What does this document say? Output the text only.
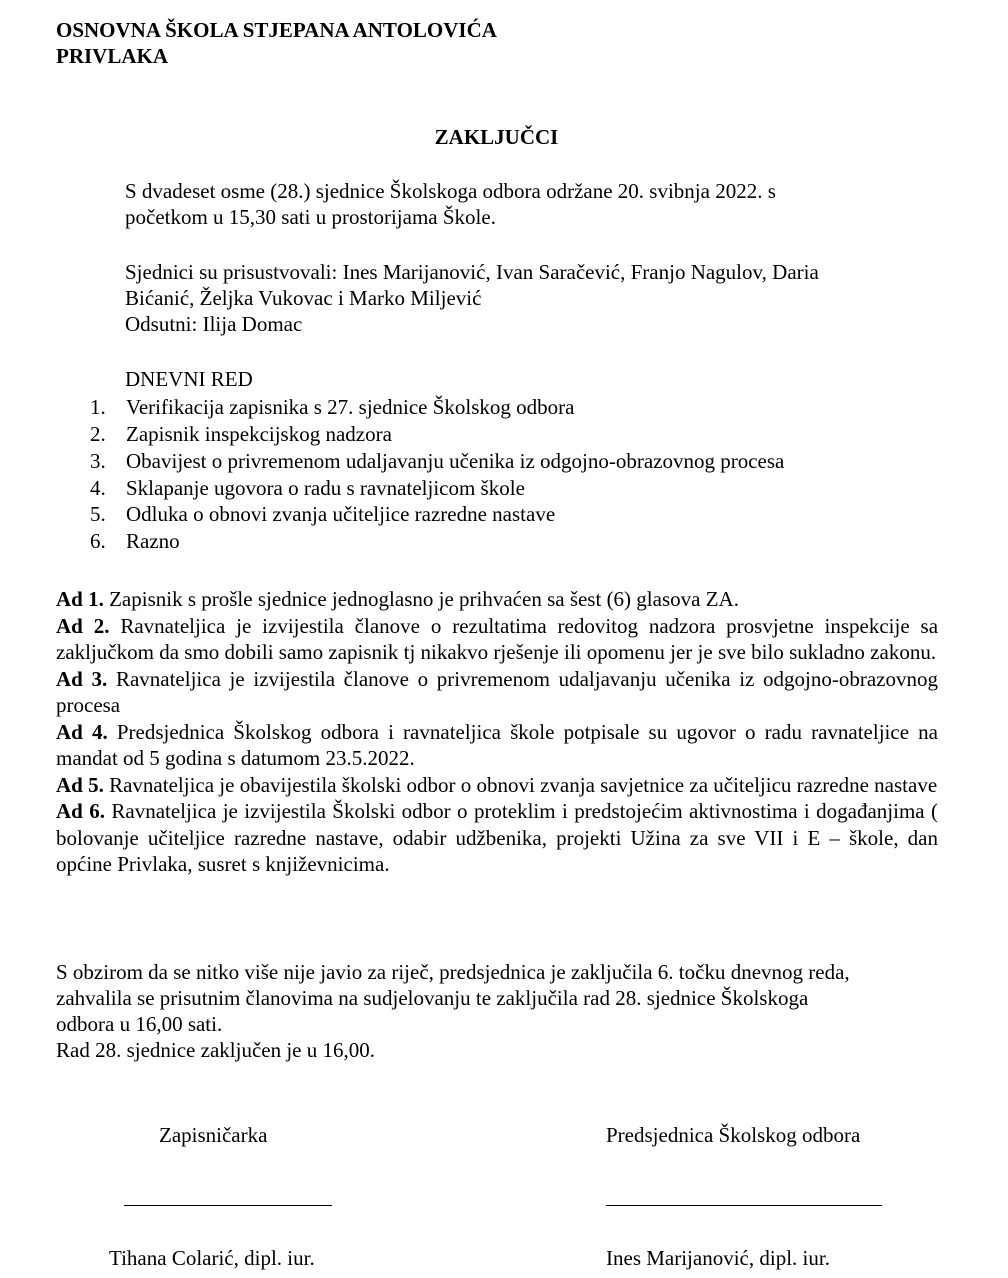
OSNOVNA ŠKOLA STJEPANA ANTOLOVIĆA
PRIVLAKA
ZAKLJUČCI
S dvadeset osme (28.) sjednice Školskoga odbora održane 20. svibnja 2022. s
početkom u 15,30 sati u prostorijama Škole.
Sjednici su prisustvovali: Ines Marijanović, Ivan Saračević, Franjo Nagulov, Daria
Bićanić, Željka Vukovac i Marko Miljević
Odsutni: Ilija Domac
DNEVNI RED
1. Verifikacija zapisnika s 27. sjednice Školskog odbora
2. Zapisnik inspekcijskog nadzora
3. Obavijest o privremenom udaljavanju učenika iz odgojno-obrazovnog procesa
4. Sklapanje ugovora o radu s ravnateljicom škole
5. Odluka o obnovi zvanja učiteljice razredne nastave
6. Razno
Ad 1. Zapisnik s prošle sjednice jednoglasno je prihvaćen sa šest (6) glasova ZA.
Ad 2. Ravnateljica je izvijestila članove o rezultatima redovitog nadzora prosvjetne inspekcije sa zaključkom da smo dobili samo zapisnik tj nikakvo rješenje ili opomenu jer je sve bilo sukladno zakonu.
Ad 3. Ravnateljica je izvijestila članove o privremenom udaljavanju učenika iz odgojno-obrazovnog procesa
Ad 4. Predsjednica Školskog odbora i ravnateljica škole potpisale su ugovor o radu ravnateljice na mandat od 5 godina s datumom 23.5.2022.
Ad 5. Ravnateljica je obavijestila školski odbor o obnovi zvanja savjetnice za učiteljicu razredne nastave
Ad 6. Ravnateljica je izvijestila Školski odbor o proteklim i predstojećim aktivnostima i događanjima ( bolovanje učiteljice razredne nastave, odabir udžbenika, projekti Užina za sve VII i E – škole, dan općine Privlaka, susret s književnicima.
S obzirom da se nitko više nije javio za riječ, predsjednica je zaključila 6. točku dnevnog reda,
zahvalila se prisutnim članovima na sudjelovanju te zaključila rad 28. sjednice Školskoga
odbora u 16,00 sati.
Rad 28. sjednice zaključen je u 16,00.
Zapisničarka
Tihana Colarić, dipl. iur.
Predsjednica Školskog odbora
Ines Marijanović, dipl. iur.
